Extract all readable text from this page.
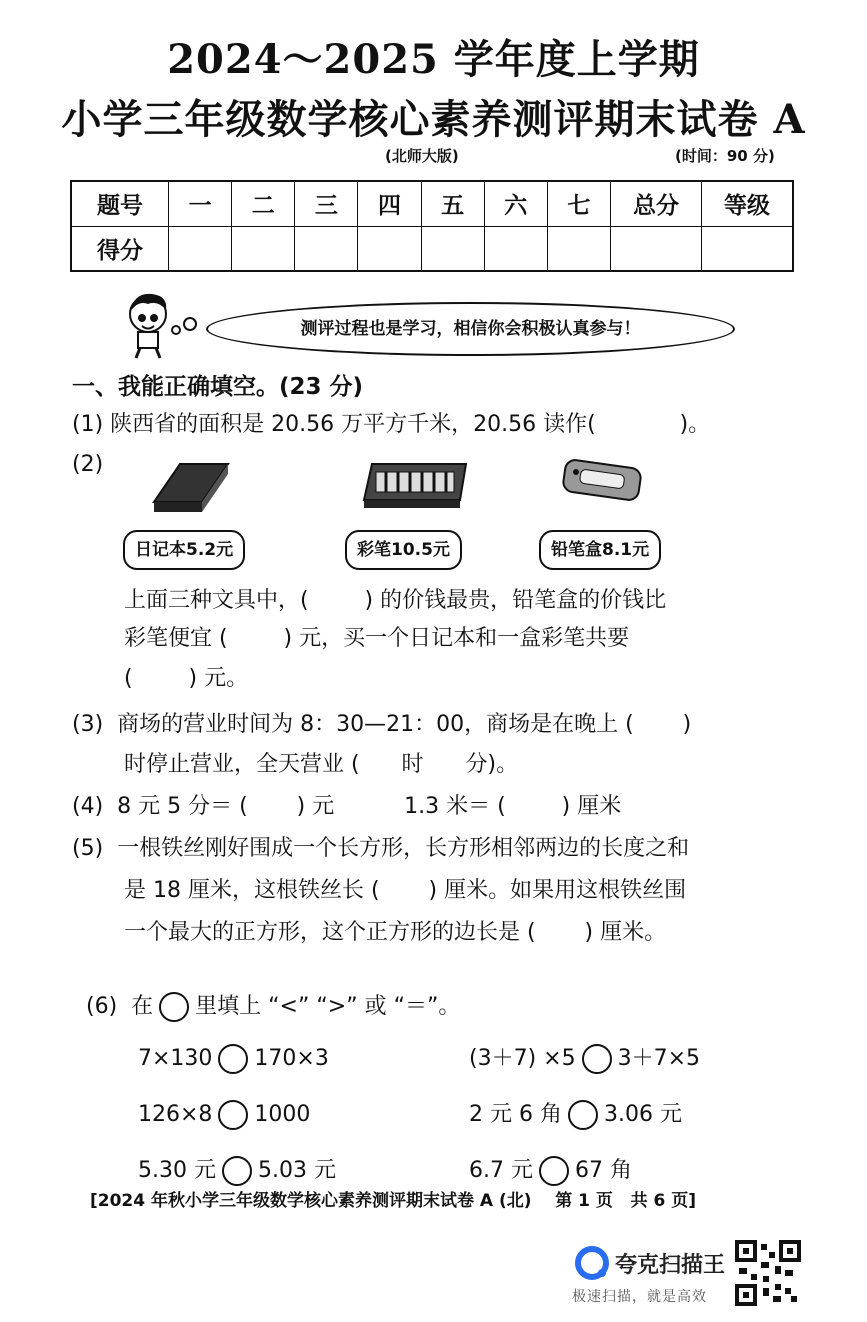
2024～2025 学年度上学期
小学三年级数学核心素养测评期末试卷 A
(北师大版)	(时间：90 分)
题号	一	二	三	四	五	六	七	总分	等级
得分									
测评过程也是学习，相信你会积极认真参与！
一、我能正确填空。(23 分)
(1) 陕西省的面积是 20.56 万平方千米，20.56 读作(            )。
(2)
日记本5.2元	彩笔10.5元	铅笔盒8.1元
上面三种文具中，(        ) 的价钱最贵，铅笔盒的价钱比
彩笔便宜 (        ) 元，买一个日记本和一盒彩笔共要
(        ) 元。
(3)  商场的营业时间为 8：30—21：00，商场是在晚上 (       )
时停止营业，全天营业 (      时      分)。
(4)  8 元 5 分＝ (       ) 元          1.3 米＝ (        ) 厘米
(5)  一根铁丝刚好围成一个长方形，长方形相邻两边的长度之和
是 18 厘米，这根铁丝长 (       ) 厘米。如果用这根铁丝围
一个最大的正方形，这个正方形的边长是 (       ) 厘米。

(6)  在 里填上 “<” “>” 或 “＝”。

7×130 170×3	(3＋7) ×5 3＋7×5

126×8 1000	2 元 6 角 3.06 元

5.30 元 5.03 元	6.7 元 67 角

[2024 年秋小学三年级数学核心素养测评期末试卷 A (北)    第 1 页   共 6 页]
夸克扫描王
极速扫描，就是高效
